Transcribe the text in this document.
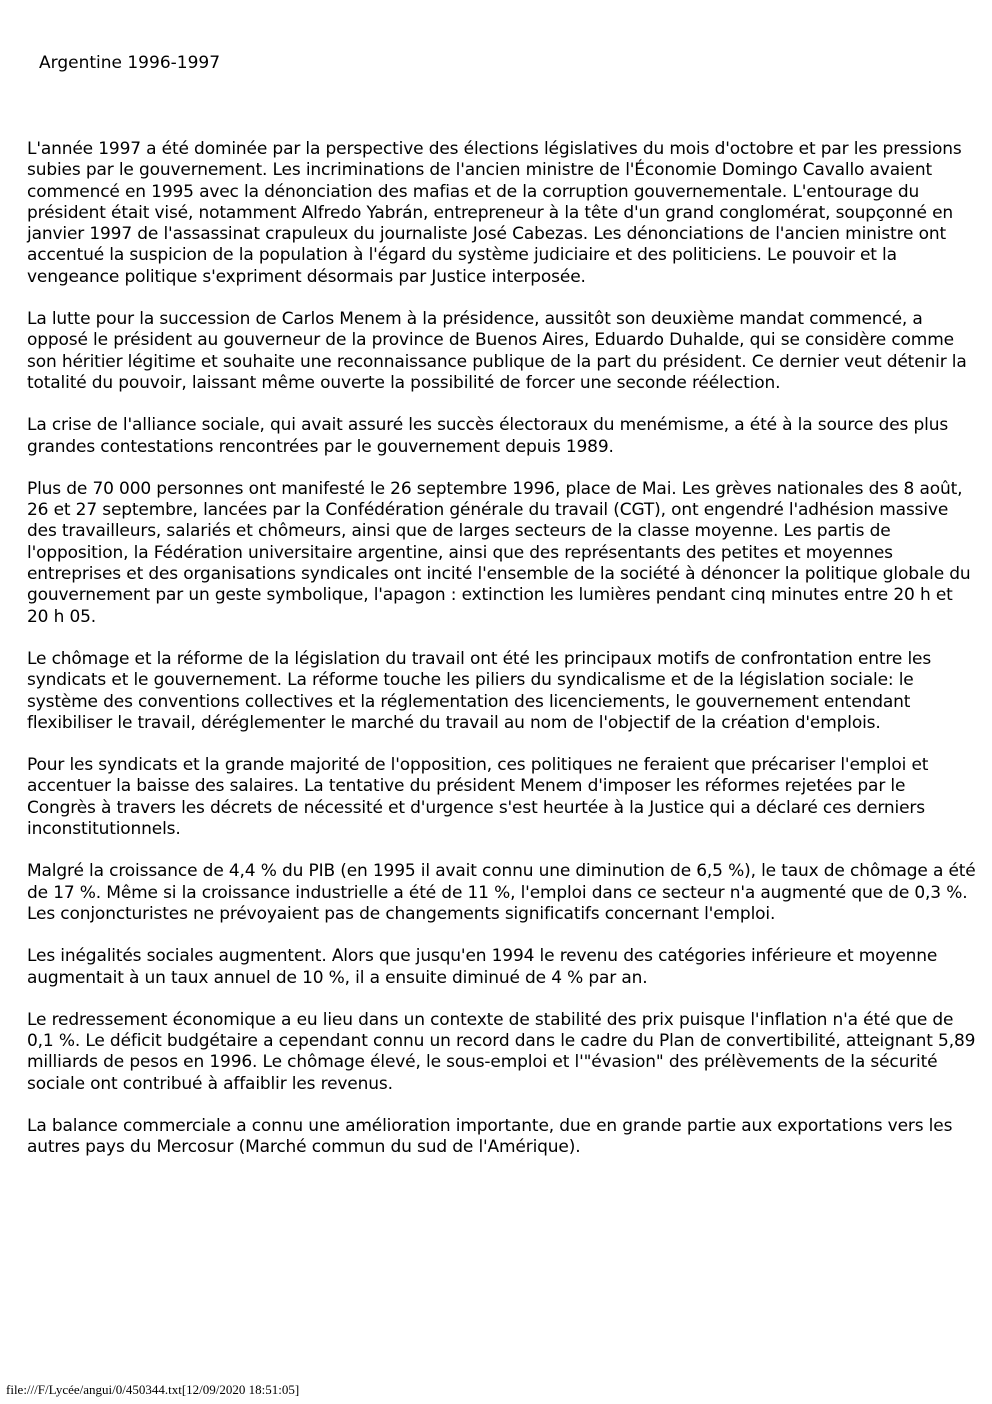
Argentine 1996-1997

L'année 1997 a été dominée par la perspective des élections législatives du mois d'octobre et par les pressions subies par le gouvernement. Les incriminations de l'ancien ministre de l'Économie Domingo Cavallo avaient commencé en 1995 avec la dénonciation des mafias et de la corruption gouvernementale. L'entourage du président était visé, notamment Alfredo Yabrán, entrepreneur à la tête d'un grand conglomérat, soupçonné en janvier 1997 de l'assassinat crapuleux du journaliste José Cabezas. Les dénonciations de l'ancien ministre ont accentué la suspicion de la population à l'égard du système judiciaire et des politiciens. Le pouvoir et la vengeance politique s'expriment désormais par Justice interposée.

La lutte pour la succession de Carlos Menem à la présidence, aussitôt son deuxième mandat commencé, a opposé le président au gouverneur de la province de Buenos Aires, Eduardo Duhalde, qui se considère comme son héritier légitime et souhaite une reconnaissance publique de la part du président. Ce dernier veut détenir la totalité du pouvoir, laissant même ouverte la possibilité de forcer une seconde réélection.

La crise de l'alliance sociale, qui avait assuré les succès électoraux du menémisme, a été à la source des plus grandes contestations rencontrées par le gouvernement depuis 1989.

Plus de 70 000 personnes ont manifesté le 26 septembre 1996, place de Mai. Les grèves nationales des 8 août, 26 et 27 septembre, lancées par la Confédération générale du travail (CGT), ont engendré l'adhésion massive des travailleurs, salariés et chômeurs, ainsi que de larges secteurs de la classe moyenne. Les partis de l'opposition, la Fédération universitaire argentine, ainsi que des représentants des petites et moyennes entreprises et des organisations syndicales ont incité l'ensemble de la société à dénoncer la politique globale du gouvernement par un geste symbolique, l'apagon : extinction les lumières pendant cinq minutes entre 20 h et 20 h 05.

Le chômage et la réforme de la législation du travail ont été les principaux motifs de confrontation entre les syndicats et le gouvernement. La réforme touche les piliers du syndicalisme et de la législation sociale: le système des conventions collectives et la réglementation des licenciements, le gouvernement entendant flexibiliser le travail, déréglementer le marché du travail au nom de l'objectif de la création d'emplois.

Pour les syndicats et la grande majorité de l'opposition, ces politiques ne feraient que précariser l'emploi et accentuer la baisse des salaires. La tentative du président Menem d'imposer les réformes rejetées par le Congrès à travers les décrets de nécessité et d'urgence s'est heurtée à la Justice qui a déclaré ces derniers inconstitutionnels.

Malgré la croissance de 4,4 % du PIB (en 1995 il avait connu une diminution de 6,5 %), le taux de chômage a été de 17 %. Même si la croissance industrielle a été de 11 %, l'emploi dans ce secteur n'a augmenté que de 0,3 %. Les conjoncturistes ne prévoyaient pas de changements significatifs concernant l'emploi.

Les inégalités sociales augmentent. Alors que jusqu'en 1994 le revenu des catégories inférieure et moyenne augmentait à un taux annuel de 10 %, il a ensuite diminué de 4 % par an.

Le redressement économique a eu lieu dans un contexte de stabilité des prix puisque l'inflation n'a été que de 0,1 %. Le déficit budgétaire a cependant connu un record dans le cadre du Plan de convertibilité, atteignant 5,89 milliards de pesos en 1996. Le chômage élevé, le sous-emploi et l'"évasion" des prélèvements de la sécurité sociale ont contribué à affaiblir les revenus.

La balance commerciale a connu une amélioration importante, due en grande partie aux exportations vers les autres pays du Mercosur (Marché commun du sud de l'Amérique).

file:///F/Lycée/angui/0/450344.txt[12/09/2020 18:51:05]
